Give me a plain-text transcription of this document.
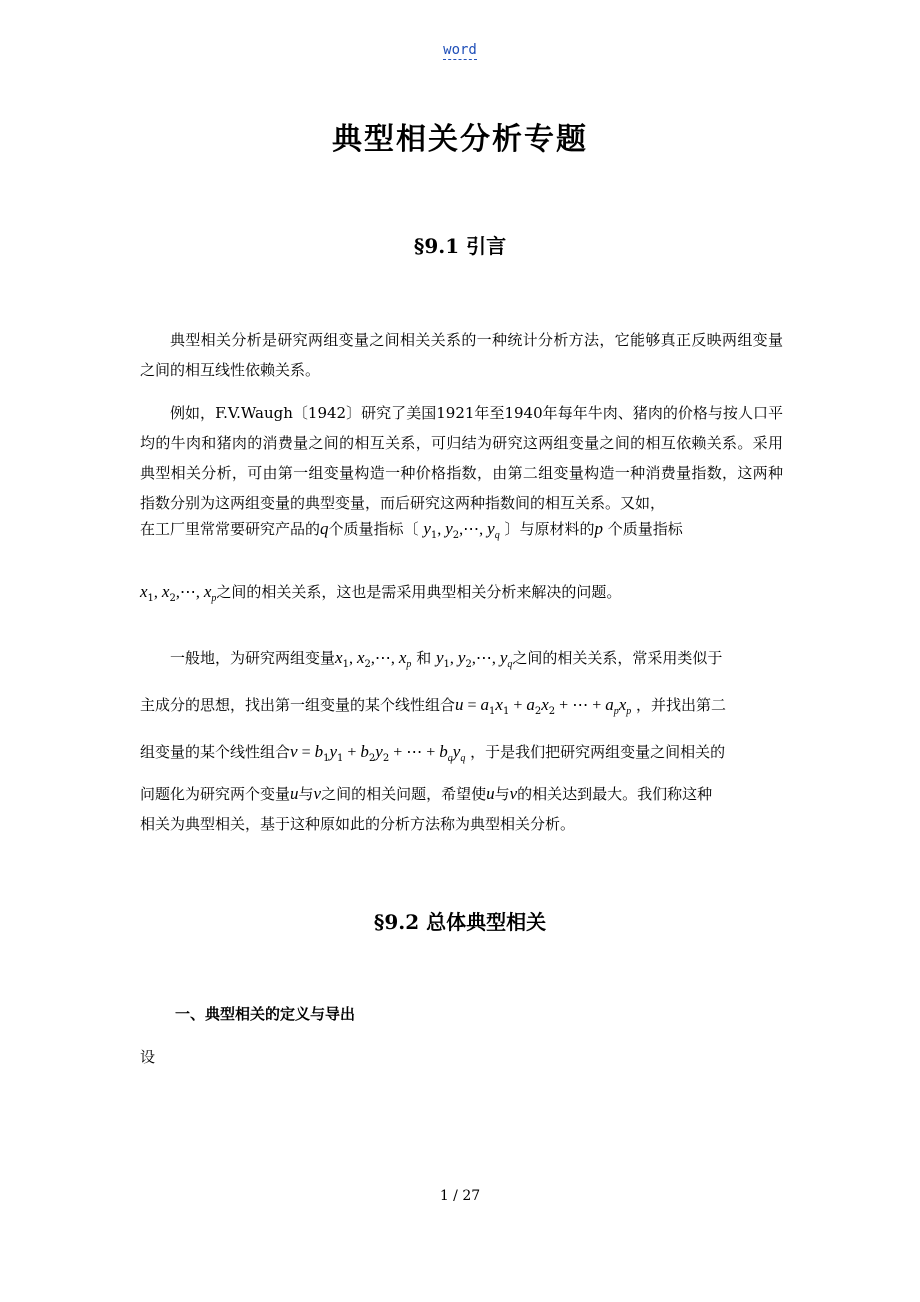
word
典型相关分析专题
§9.1 引言
典型相关分析是研究两组变量之间相关关系的一种统计分析方法，它能够真正反映两组变量之间的相互线性依赖关系。
例如，F.V.Waugh〔1942〕研究了美国1921年至1940年每年牛肉、猪肉的价格与按人口平均的牛肉和猪肉的消费量之间的相互关系，可归结为研究这两组变量之间的相互依赖关系。采用典型相关分析，可由第一组变量构造一种价格指数，由第二组变量构造一种消费量指数，这两种指数分别为这两组变量的典型变量，而后研究这两种指数间的相互关系。又如，
在工厂里常常要研究产品的q个质量指标〔 $y_1$, $y_2,\cdots$, $y_q$ 〕与原材料的p 个质量指标
$x_1$, $x_2,\cdots$, $x_p$之间的相关关系，这也是需采用典型相关分析来解决的问题。
一般地，为研究两组变量$x_1$, $x_2,\cdots$, $x_p$ 和 $y_1$, $y_2,\cdots$, $y_q$之间的相关关系，常采用类似于
主成分的思想，找出第一组变量的某个线性组合$u = a_1x_1 + a_2x_2$ + ⋯ + $a_px_p$ ，并找出第二
组变量的某个线性组合$v = b_1y_1 + b_2y_2$ + ⋯ + $b_qy_q$ ，于是我们把研究两组变量之间相关的
问题化为研究两个变量u与v之间的相关问题，希望使u与v的相关达到最大。我们称这种
相关为典型相关，基于这种原如此的分析方法称为典型相关分析。
§9.2 总体典型相关
一、典型相关的定义与导出
设
1 / 27
